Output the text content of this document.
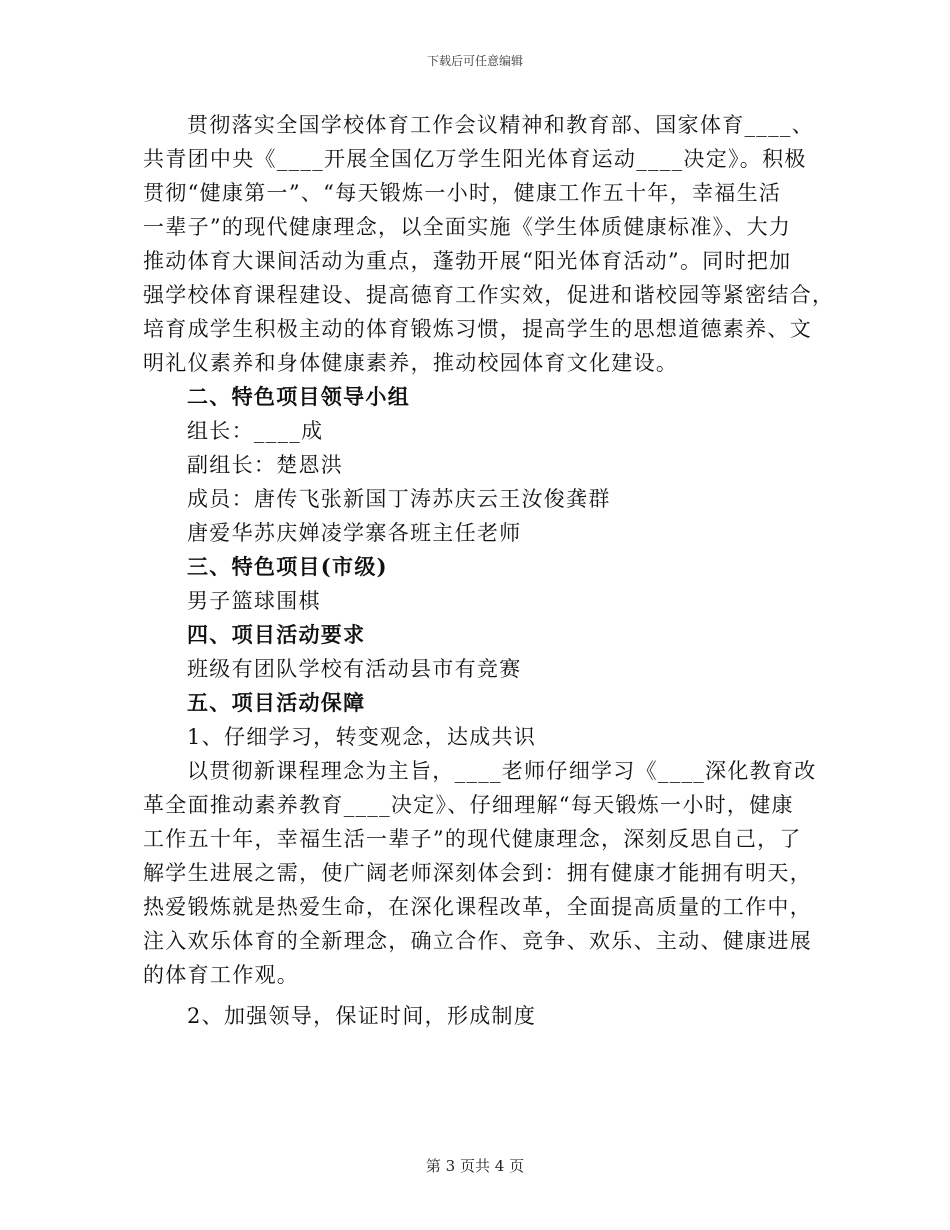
下载后可任意编辑
贯彻落实全国学校体育工作会议精神和教育部、国家体育____、
共青团中央《____开展全国亿万学生阳光体育运动____决定》。积极
贯彻“健康第一”、“每天锻炼一小时，健康工作五十年，幸福生活
一辈子”的现代健康理念，以全面实施《学生体质健康标准》、大力
推动体育大课间活动为重点，蓬勃开展“阳光体育活动”。同时把加
强学校体育课程建设、提高德育工作实效，促进和谐校园等紧密结合，
培育成学生积极主动的体育锻炼习惯，提高学生的思想道德素养、文
明礼仪素养和身体健康素养，推动校园体育文化建设。
二、特色项目领导小组
组长：____成
副组长：楚恩洪
成员：唐传飞张新国丁涛苏庆云王汝俊龚群
唐爱华苏庆婵凌学寨各班主任老师
三、特色项目(市级)
男子篮球围棋
四、项目活动要求
班级有团队学校有活动县市有竞赛
五、项目活动保障
1、仔细学习，转变观念，达成共识
以贯彻新课程理念为主旨，____老师仔细学习《____深化教育改
革全面推动素养教育____决定》、仔细理解“每天锻炼一小时，健康
工作五十年，幸福生活一辈子”的现代健康理念，深刻反思自己，了
解学生进展之需，使广阔老师深刻体会到：拥有健康才能拥有明天，
热爱锻炼就是热爱生命，在深化课程改革，全面提高质量的工作中，
注入欢乐体育的全新理念，确立合作、竞争、欢乐、主动、健康进展
的体育工作观。
2、加强领导，保证时间，形成制度
第 3 页共 4 页
